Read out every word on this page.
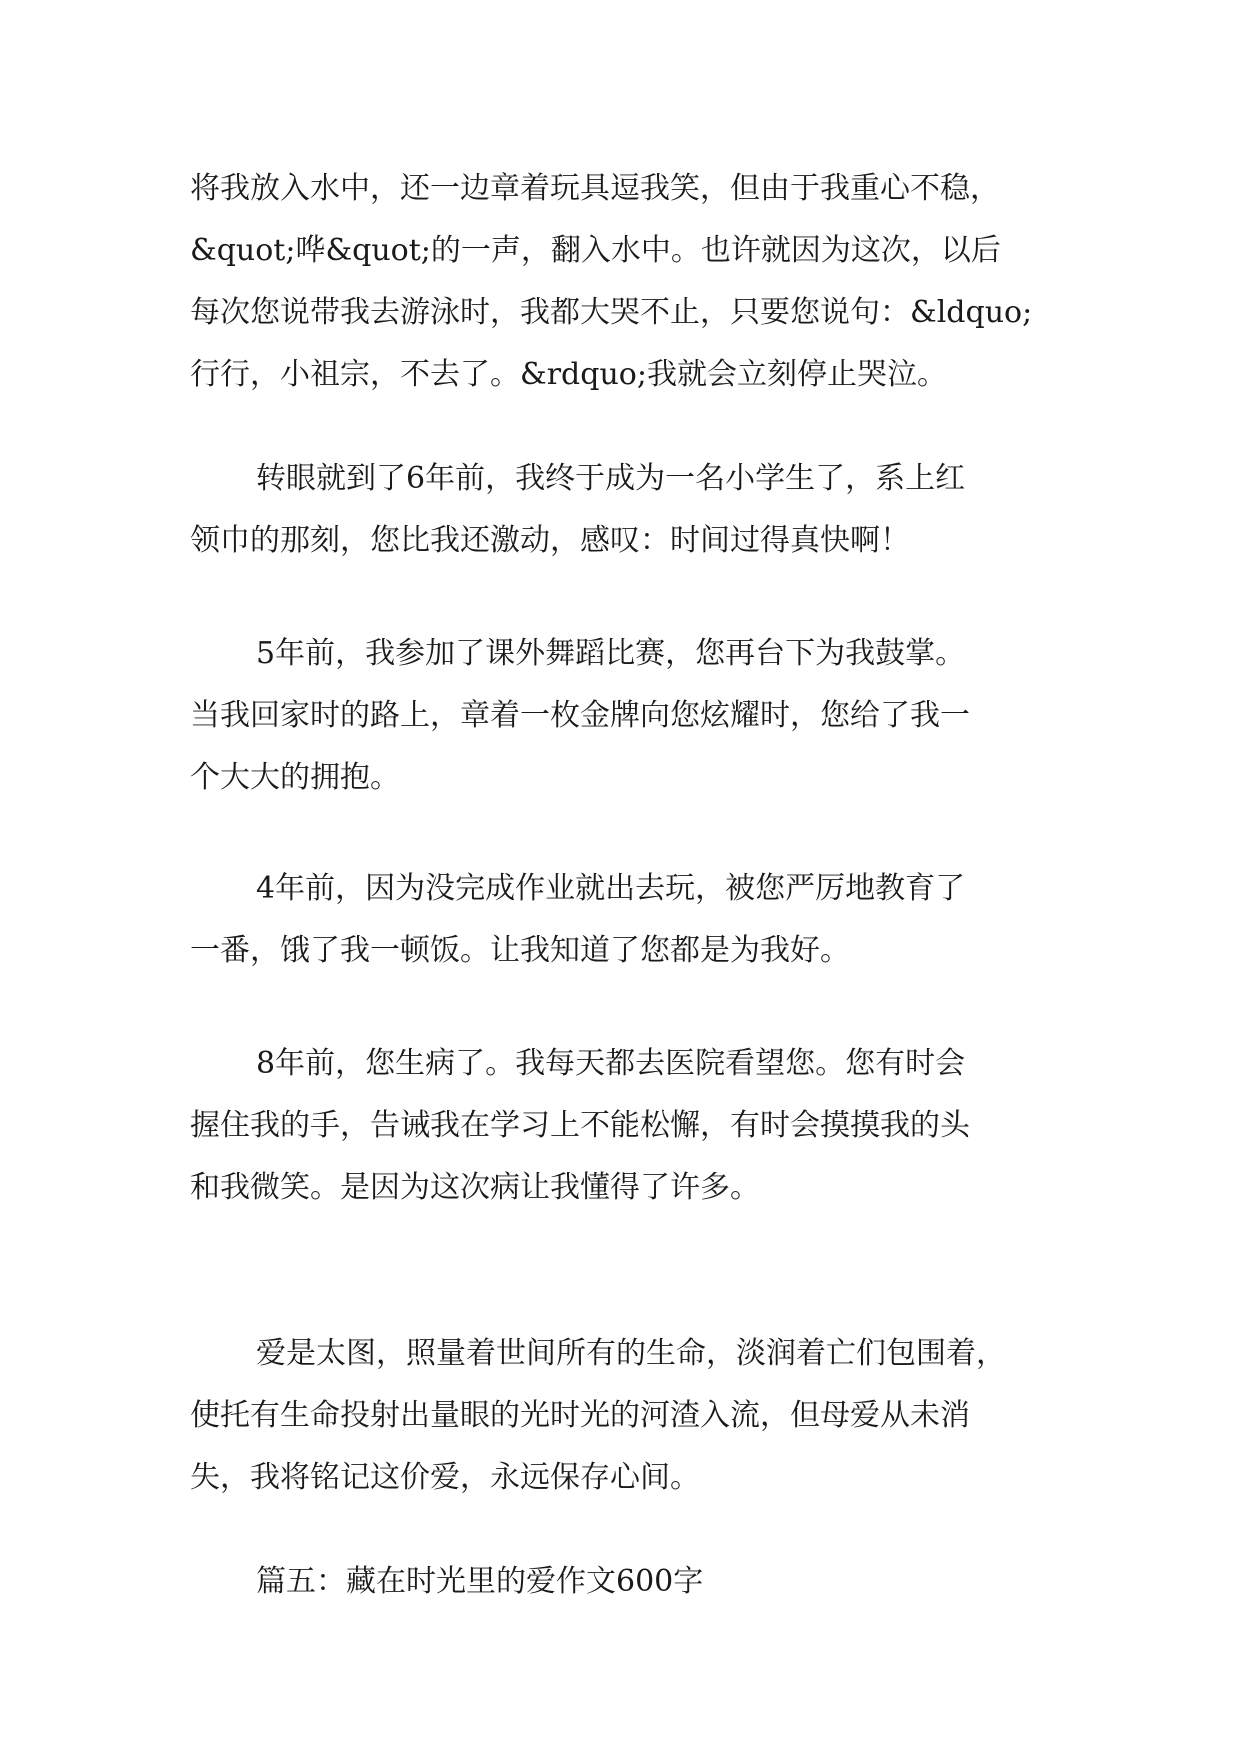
将我放入水中，还一边章着玩具逗我笑，但由于我重心不稳，
&quot;哗&quot;的一声，翻入水中。也许就因为这次，以后
每次您说带我去游泳时，我都大哭不止，只要您说句：&ldquo;
行行，小祖宗，不去了。&rdquo;我就会立刻停止哭泣。
转眼就到了6年前，我终于成为一名小学生了，系上红
领巾的那刻，您比我还激动，感叹：时间过得真快啊！
5年前，我参加了课外舞蹈比赛，您再台下为我鼓掌。
当我回家时的路上，章着一枚金牌向您炫耀时，您给了我一
个大大的拥抱。
4年前，因为没完成作业就出去玩，被您严厉地教育了
一番，饿了我一顿饭。让我知道了您都是为我好。
8年前，您生病了。我每天都去医院看望您。您有时会
握住我的手，告诫我在学习上不能松懈，有时会摸摸我的头
和我微笑。是因为这次病让我懂得了许多。
爱是太图，照量着世间所有的生命，淡润着亡们包围着，
使托有生命投射出量眼的光时光的河渣入流，但母爱从未消
失，我将铭记这价爱，永远保存心间。
篇五：藏在时光里的爱作文600字
